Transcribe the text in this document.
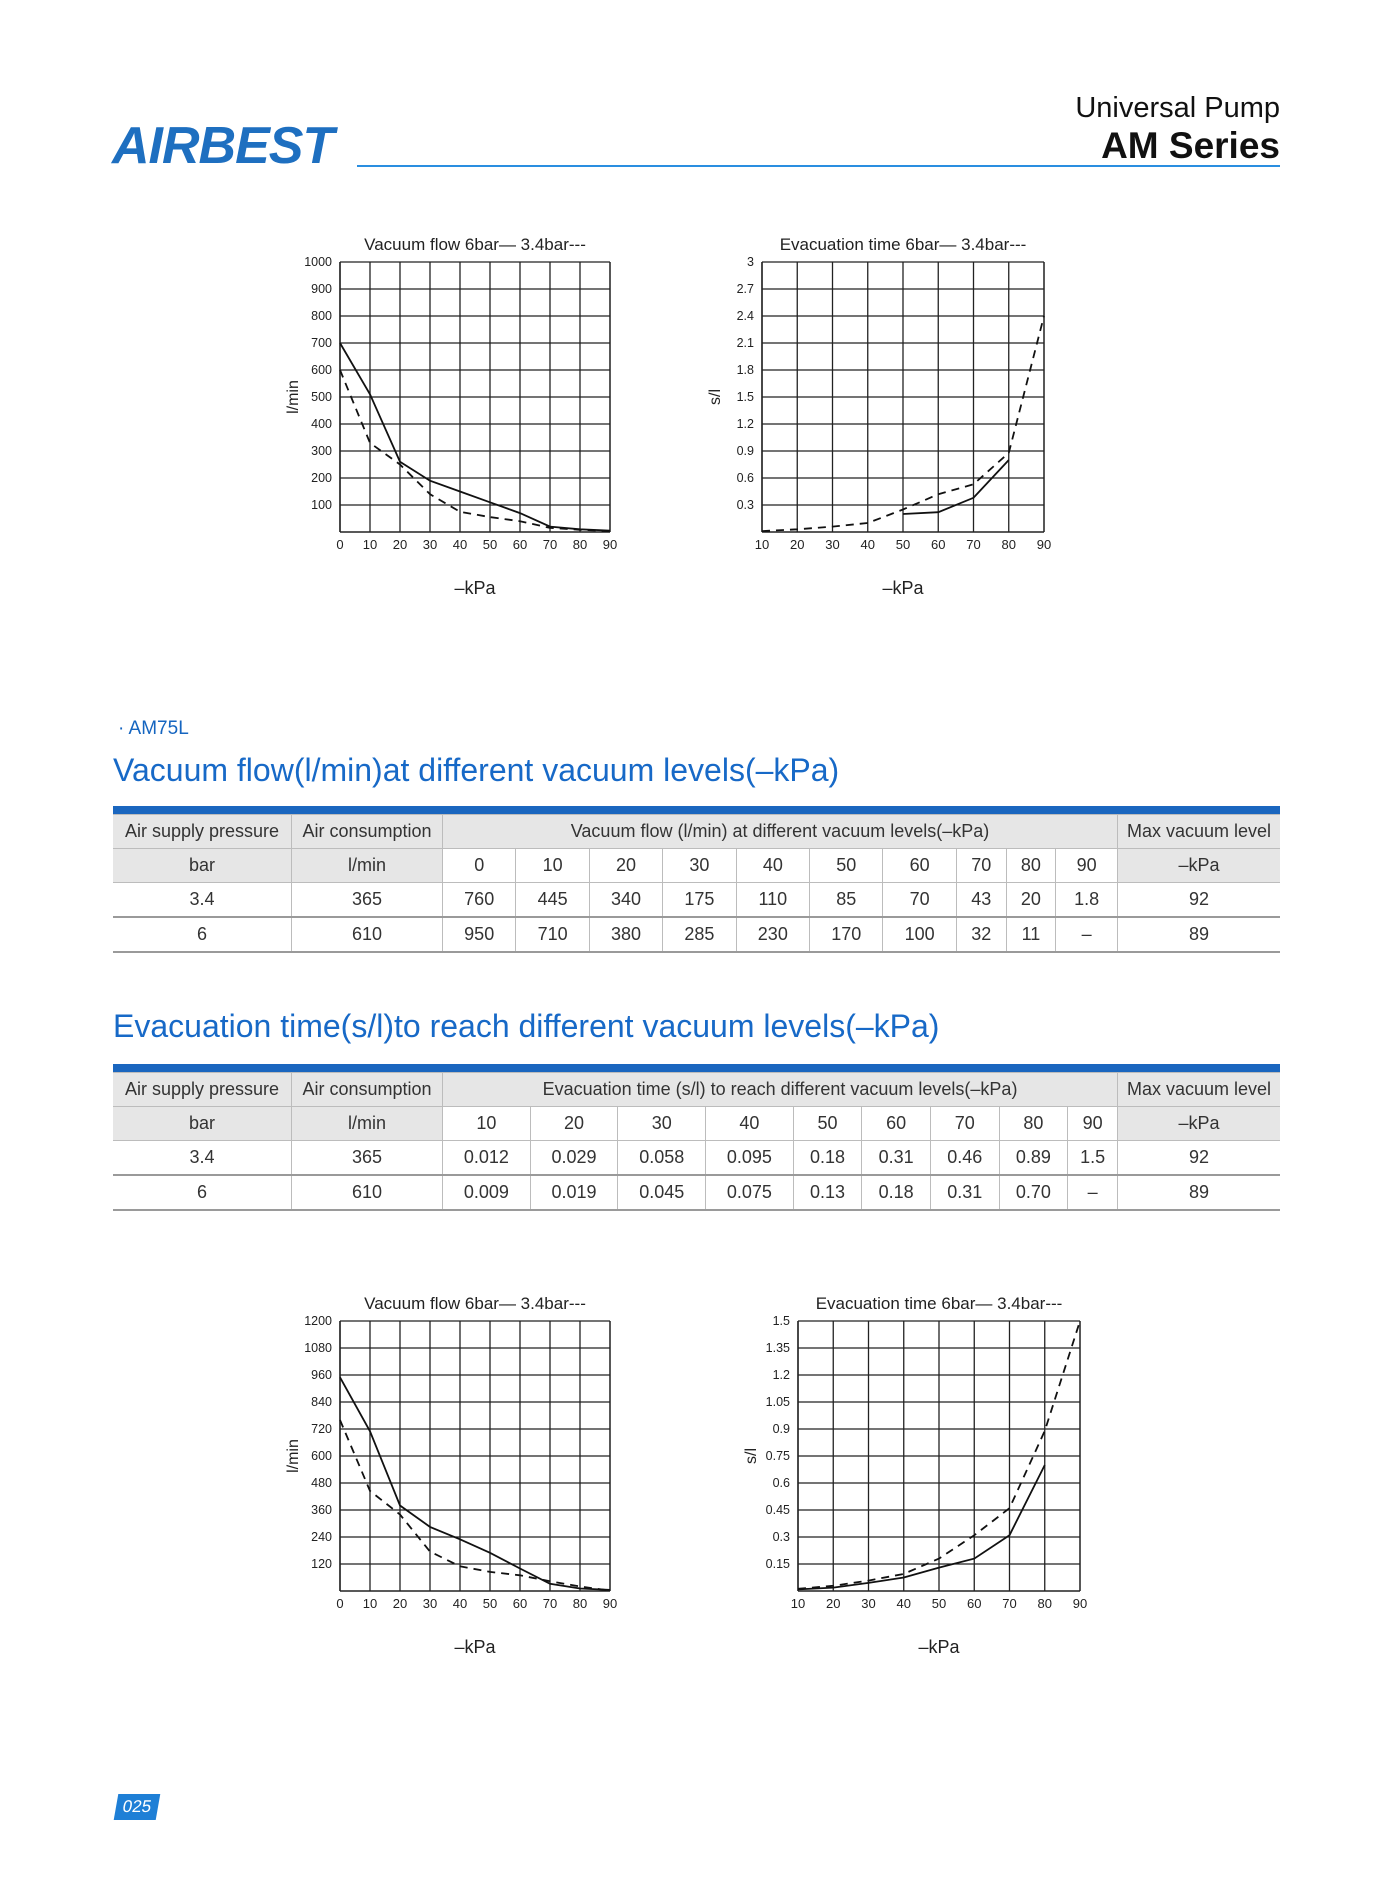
AIRBEST
Universal Pump
AM Series
Vacuum flow 6bar— 3.4bar---
100
200
300
400
500
600
700
800
900
1000
0 10 20 30 40 50 60 70 80 90
–kPa
l/min
Evacuation time 6bar— 3.4bar---
0.3
0.6
0.9
1.2
1.5
1.8
2.1
2.4
2.7
3
10 20 30 40 50 60 70 80 90
–kPa
s/l
Vacuum flow 6bar— 3.4bar---
120
240
360
480
600
720
840
960
1080
1200
0 10 20 30 40 50 60 70 80 90
–kPa
l/min
Evacuation time 6bar— 3.4bar---
0.15
0.3
0.45
0.6
0.75
0.9
1.05
1.2
1.35
1.5
10 20 30 40 50 60 70 80 90
–kPa
s/l
· AM75L
Vacuum flow(l/min)at different vacuum levels(–kPa)
Air supply pressure	Air consumption	Vacuum flow (l/min) at different vacuum levels(–kPa)										Max vacuum level
bar	l/min	0	10	20	30	40	50	60	70	80	90	–kPa
3.4	365	760	445	340	175	110	85	70	43	20	1.8	92
6	610	950	710	380	285	230	170	100	32	11	–	89
Evacuation time(s/l)to reach different vacuum levels(–kPa)
Air supply pressure	Air consumption	Evacuation time (s/l) to reach different vacuum levels(–kPa)									Max vacuum level
bar	l/min	10	20	30	40	50	60	70	80	90	–kPa
3.4	365	0.012	0.029	0.058	0.095	0.18	0.31	0.46	0.89	1.5	92
6	610	0.009	0.019	0.045	0.075	0.13	0.18	0.31	0.70	–	89
025
